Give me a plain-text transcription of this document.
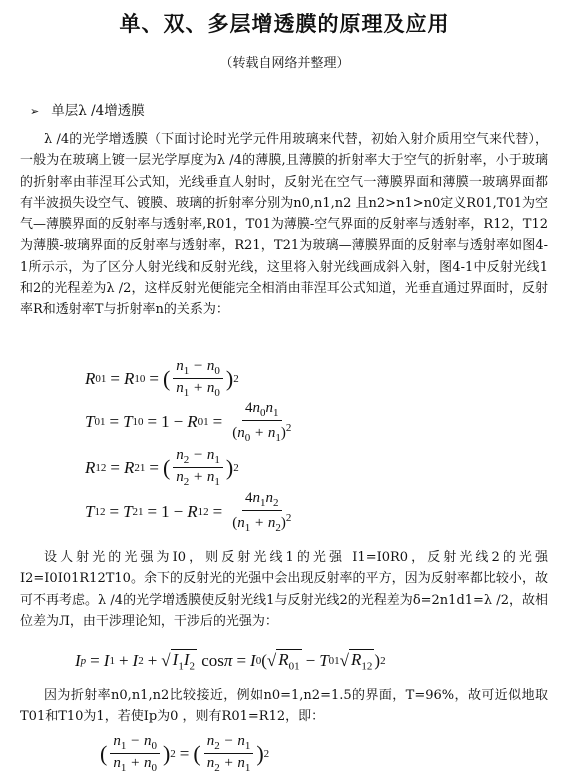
单、双、多层增透膜的原理及应用
（转载自网络并整理）
➢ 单层λ /4增透膜
λ /4的光学增透膜（下面讨论时光学元件用玻璃来代替，初始入射介质用空气来代替），一般为在玻璃上镀一层光学厚度为λ /4的薄膜,且薄膜的折射率大于空气的折射率，小于玻璃的折射率由菲涅耳公式知，光线垂直人射时，反射光在空气一薄膜界面和薄膜一玻璃界面都有半波损失设空气、镀膜、玻璃的折射率分别为n0,n1,n2 且n2>n1>n0定义R01,T01为空气—薄膜界面的反射率与透射率,R01，T01为薄膜-空气界面的反射率与透射率，R12，T12为薄膜-玻璃界面的反射率与透射率，R21，T21为玻璃—薄膜界面的反射率与透射率如图4-1所示示，为了区分人射光线和反射光线，这里将入射光线画成斜入射，图4-1中反射光线1和2的光程差为λ /2，这样反射光便能完全相消由菲涅耳公式知道，光垂直通过界面时，反射率R和透射率T与折射率n的关系为：
R 01 = R 10 = ( $\frac{n_1 - n_0}{n_1 + n_0}$ ) 2
T 01 = T 10 = 1 − R $01 = \frac{4n_0n_1}{(n_0 + n_1)^2}$
R 12 = R 21 = ( $\frac{n_2 - n_1}{n_2 + n_1}$ ) 2
T 12 = T 21 = 1 − R $12 = \frac{4n_1n_2}{(n_1 + n_2)^2}$
设人射光的光强为I0，则反射光线1的光强 I1=I0R0，反射光线2的光强I2=I0I01R12T10。余下的反射光的光强中会出现反射率的平方，因为反射率都比较小，故可不再考虑。λ /4的光学增透膜使反射光线1与反射光线2的光程差为δ=2n1d1=λ /2，故相位差为Л，由干涉理论知，干涉后的光强为：
I p = I 1 + I 2 + √ $I_1I_2$
cos π = I 0 ( √ $R_{01} - T$ 01 √ $R_{12}$ ) 2
因为折射率n0,n1,n2比较接近，例如n0=1,n2=1.5的界面，T=96%，故可近似地取T01和T10为1，若使Ip为0 ，则有R01=R12，即：
( $\frac{n_1 - n_0}{n_1 + n_0}$ ) 2 = ( $\frac{n_2 - n_1}{n_2 + n_1}$ ) 2
